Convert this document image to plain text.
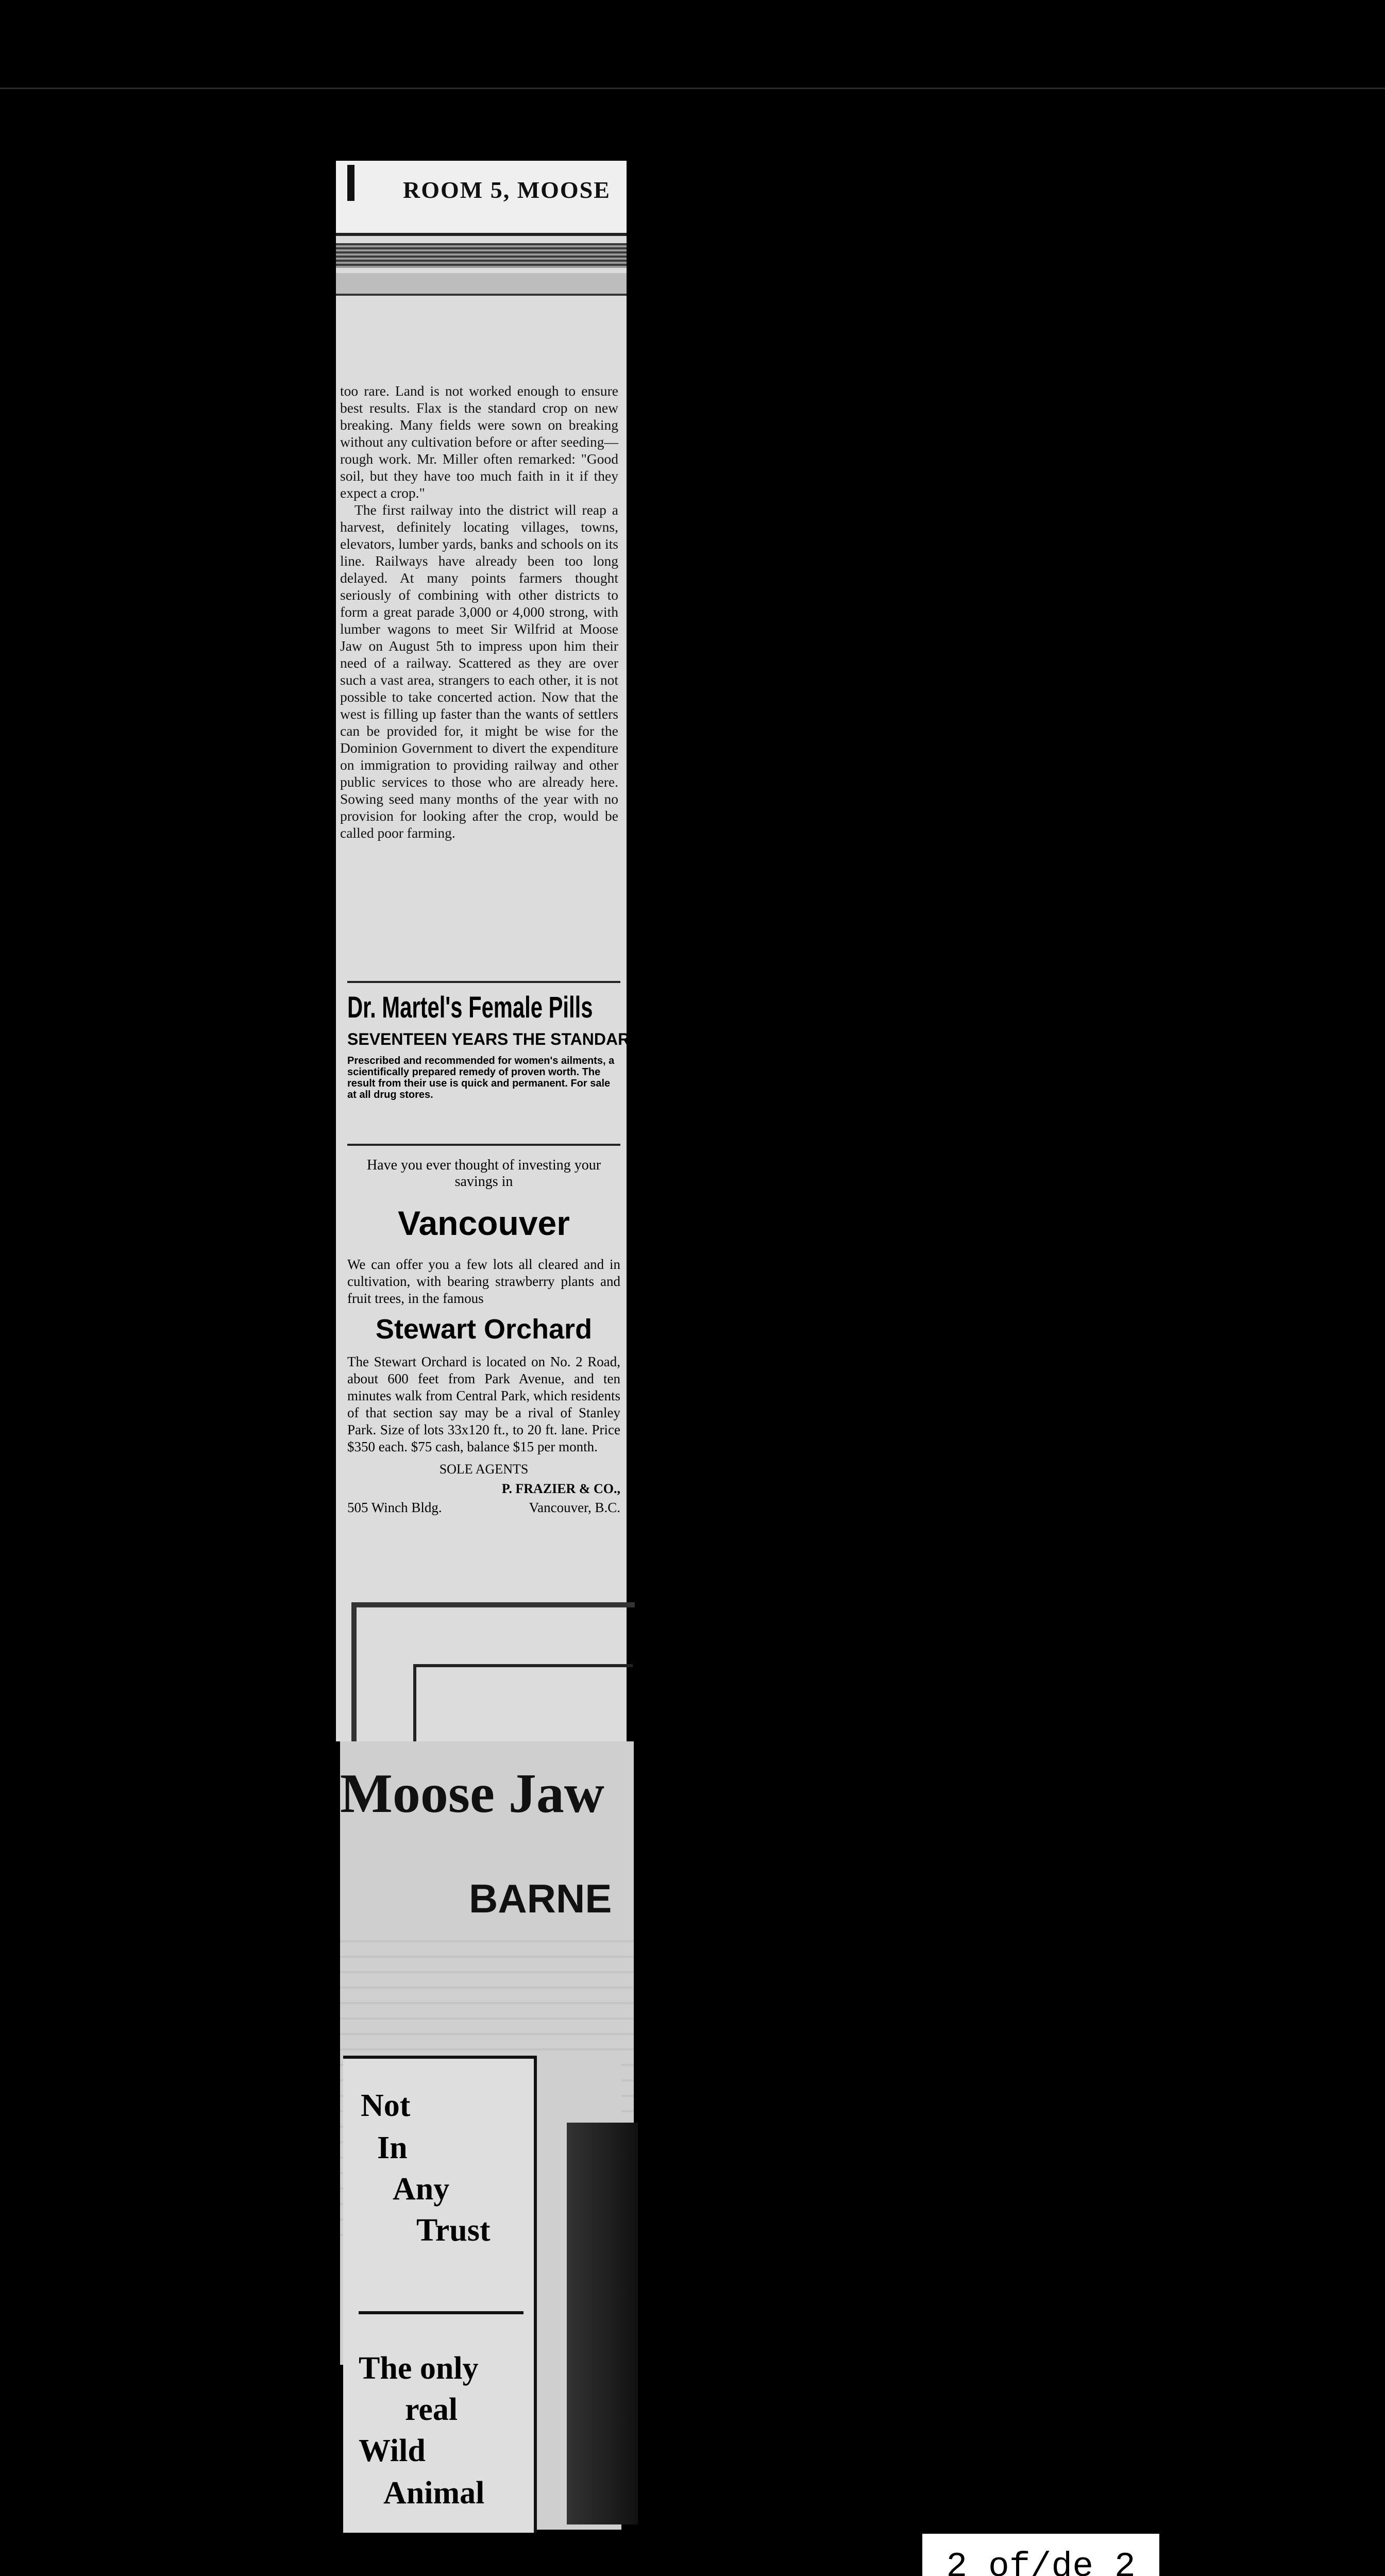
ROOM 5, MOOSE

too rare. Land is not worked enough to ensure best results. Flax is the standard crop on new breaking. Many fields were sown on breaking without any cultivation before or after seeding—rough work. Mr. Miller often remarked: "Good soil, but they have too much faith in it if they expect a crop."

The first railway into the district will reap a harvest, definitely locating villages, towns, elevators, lumber yards, banks and schools on its line. Railways have already been too long delayed. At many points farmers thought seriously of combining with other districts to form a great parade 3,000 or 4,000 strong, with lumber wagons to meet Sir Wilfrid at Moose Jaw on August 5th to impress upon him their need of a railway. Scattered as they are over such a vast area, strangers to each other, it is not possible to take concerted action. Now that the west is filling up faster than the wants of settlers can be provided for, it might be wise for the Dominion Government to divert the expenditure on immigration to providing railway and other public services to those who are already here. Sowing seed many months of the year with no provision for looking after the crop, would be called poor farming.

Dr. Martel's Female Pills
SEVENTEEN YEARS THE STANDARD
Prescribed and recommended for women's ailments, a scientifically prepared remedy of proven worth. The result from their use is quick and permanent. For sale at all drug stores.
Have you ever thought of investing your savings in
Vancouver

We can offer you a few lots all cleared and in cultivation, with bearing strawberry plants and fruit trees, in the famous

Stewart Orchard

The Stewart Orchard is located on No. 2 Road, about 600 feet from Park Avenue, and ten minutes walk from Central Park, which residents of that section say may be a rival of Stanley Park. Size of lots 33x120 ft., to 20 ft. lane. Price $350 each. $75 cash, balance $15 per month.

SOLE AGENTS
P. FRAZIER & CO.,
505 Winch Bldg.	Vancouver, B.C.
Moose Jaw
BARNE
Not
In
Any
Trust
The only
real
Wild
Animal
2 of/de 2
